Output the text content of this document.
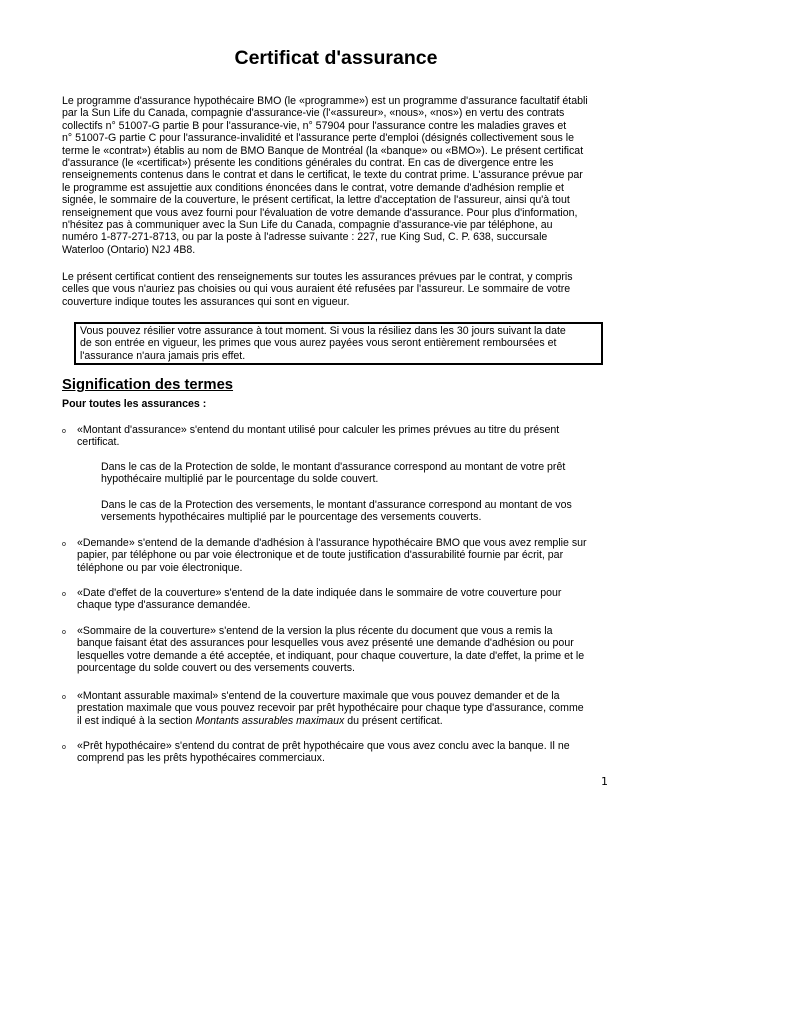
Certificat d'assurance
Le programme d'assurance hypothécaire BMO (le «programme») est un programme d'assurance facultatif établi
par la Sun Life du Canada, compagnie d'assurance-vie (l'«assureur», «nous», «nos») en vertu des contrats
collectifs n° 51007-G partie B pour l'assurance-vie, n° 57904 pour l'assurance contre les maladies graves et
n° 51007-G partie C pour l'assurance-invalidité et l'assurance perte d'emploi (désignés collectivement sous le
terme le «contrat») établis au nom de BMO Banque de Montréal (la «banque» ou «BMO»). Le présent certificat
d'assurance (le «certificat») présente les conditions générales du contrat. En cas de divergence entre les
renseignements contenus dans le contrat et dans le certificat, le texte du contrat prime. L'assurance prévue par
le programme est assujettie aux conditions énoncées dans le contrat, votre demande d'adhésion remplie et
signée, le sommaire de la couverture, le présent certificat, la lettre d'acceptation de l'assureur, ainsi qu'à tout
renseignement que vous avez fourni pour l'évaluation de votre demande d'assurance. Pour plus d'information,
n'hésitez pas à communiquer avec la Sun Life du Canada, compagnie d'assurance-vie par téléphone, au
numéro 1-877-271-8713, ou par la poste à l'adresse suivante : 227, rue King Sud, C. P. 638, succursale
Waterloo (Ontario) N2J 4B8.
Le présent certificat contient des renseignements sur toutes les assurances prévues par le contrat, y compris
celles que vous n'auriez pas choisies ou qui vous auraient été refusées par l'assureur. Le sommaire de votre
couverture indique toutes les assurances qui sont en vigueur.
Vous pouvez résilier votre assurance à tout moment. Si vous la résiliez dans les 30 jours suivant la date
de son entrée en vigueur, les primes que vous aurez payées vous seront entièrement remboursées et
l'assurance n'aura jamais pris effet.
Signification des termes
Pour toutes les assurances :
o «Montant d'assurance» s'entend du montant utilisé pour calculer les primes prévues au titre du présent
certificat.
Dans le cas de la Protection de solde, le montant d'assurance correspond au montant de votre prêt
hypothécaire multiplié par le pourcentage du solde couvert.
Dans le cas de la Protection des versements, le montant d'assurance correspond au montant de vos
versements hypothécaires multiplié par le pourcentage des versements couverts.
o «Demande» s'entend de la demande d'adhésion à l'assurance hypothécaire BMO que vous avez remplie sur
papier, par téléphone ou par voie électronique et de toute justification d'assurabilité fournie par écrit, par
téléphone ou par voie électronique.
o «Date d'effet de la couverture» s'entend de la date indiquée dans le sommaire de votre couverture pour
chaque type d'assurance demandée.
o «Sommaire de la couverture» s'entend de la version la plus récente du document que vous a remis la
banque faisant état des assurances pour lesquelles vous avez présenté une demande d'adhésion ou pour
lesquelles votre demande a été acceptée, et indiquant, pour chaque couverture, la date d'effet, la prime et le
pourcentage du solde couvert ou des versements couverts.
o «Montant assurable maximal» s'entend de la couverture maximale que vous pouvez demander et de la
prestation maximale que vous pouvez recevoir par prêt hypothécaire pour chaque type d'assurance, comme
il est indiqué à la section Montants assurables maximaux du présent certificat.
o «Prêt hypothécaire» s'entend du contrat de prêt hypothécaire que vous avez conclu avec la banque. Il ne
comprend pas les prêts hypothécaires commerciaux.
1
